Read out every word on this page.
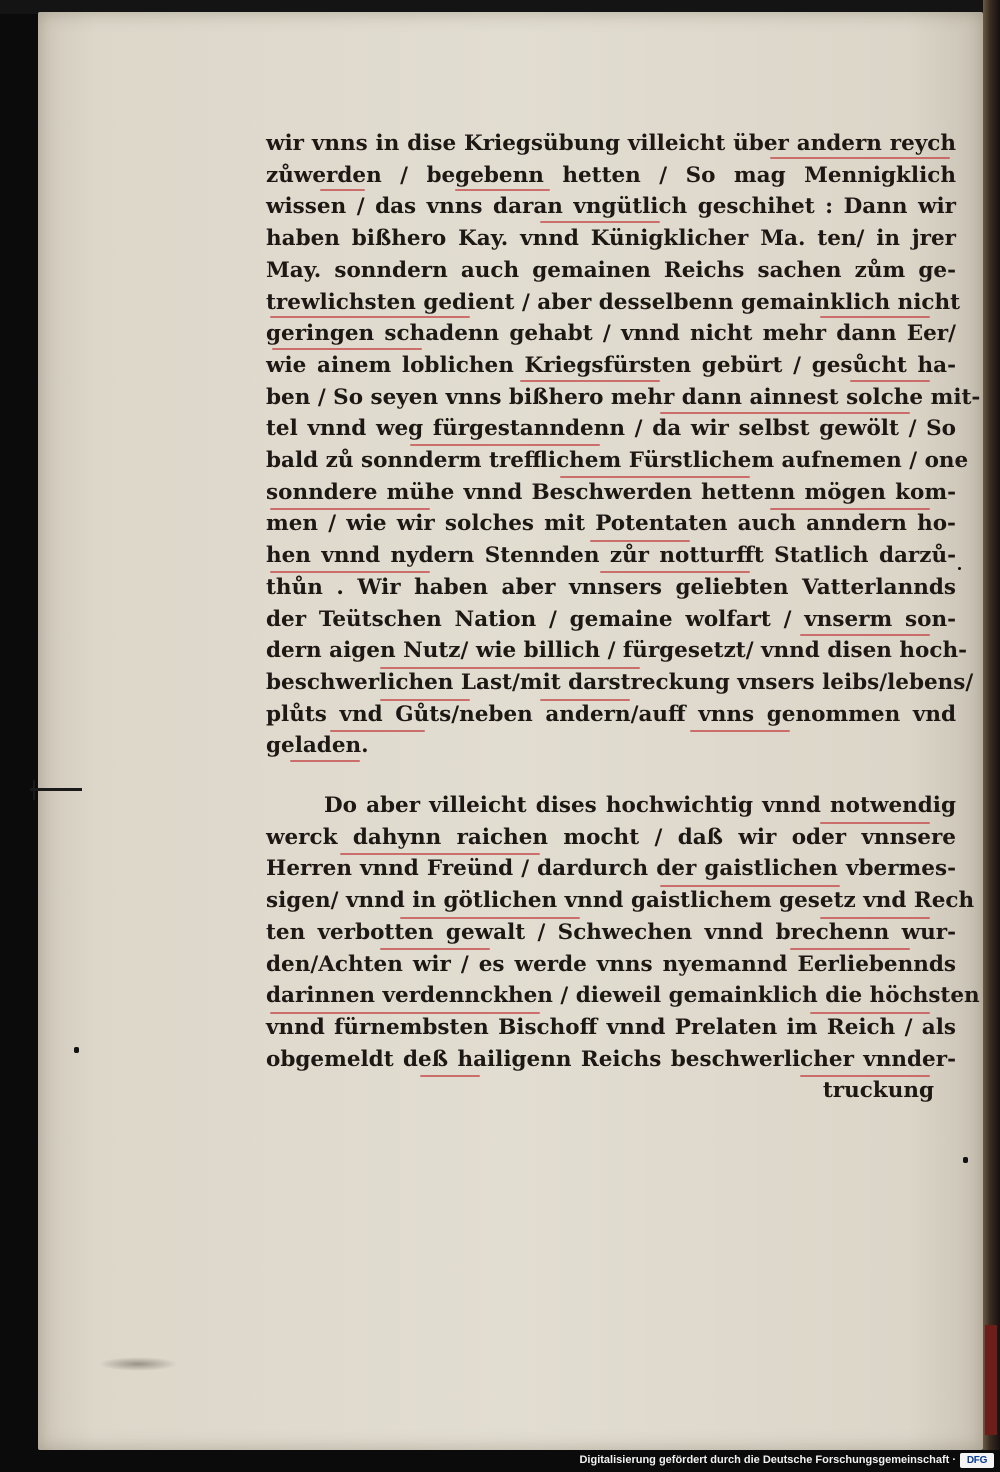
wir vnns in dise Kriegsübung villeicht über andern reych
zůwerden / begebenn hetten / So mag Mennigklich
wissen / das vnns daran vngütlich geschihet : Dann wir
haben bißhero Kay. vnnd Künigklicher Ma. ten/ in jrer
May. sonndern auch gemainen Reichs sachen zům ge-
trewlichsten gedient / aber desselbenn gemainklich nicht
geringen schadenn gehabt / vnnd nicht mehr dann Eer/
wie ainem loblichen Kriegsfürsten gebürt / gesůcht ha-
ben / So seyen vnns bißhero mehr dann ainnest solche mit-
tel vnnd weg fürgestanndenn / da wir selbst gewölt / So
bald zů sonnderm trefflichem Fürstlichem aufnemen / one
sonndere mühe vnnd Beschwerden hettenn mögen kom-
men / wie wir solches mit Potentaten auch anndern ho-
hen vnnd nydern Stennden zůr notturfft Statlich darzů-
thůn . Wir haben aber vnnsers geliebten Vatterlannds
der Teütschen Nation / gemaine wolfart / vnserm son-
dern aigen Nutz/ wie billich / fürgesetzt/ vnnd disen hoch-
beschwerlichen Last/mit darstreckung vnsers leibs/lebens/
plůts vnd Gůts/neben andern/auff vnns genommen vnd
geladen.
Do aber villeicht dises hochwichtig vnnd notwendig
werck dahynn raichen mocht / daß wir oder vnnsere
Herren vnnd Freünd / dardurch der gaistlichen vbermes-
sigen/ vnnd in götlichen vnnd gaistlichem gesetz vnd Rech
ten verbotten gewalt / Schwechen vnnd brechenn wur-
den/Achten wir / es werde vnns nyemannd Eerliebennds
darinnen verdennckhen / dieweil gemainklich die höchsten
vnnd fürnembsten Bischoff vnnd Prelaten im Reich / als
obgemeldt deß hailigenn Reichs beschwerlicher vnnder-
truckung
Digitalisierung gefördert durch die Deutsche Forschungsgemeinschaft ·	DFG
